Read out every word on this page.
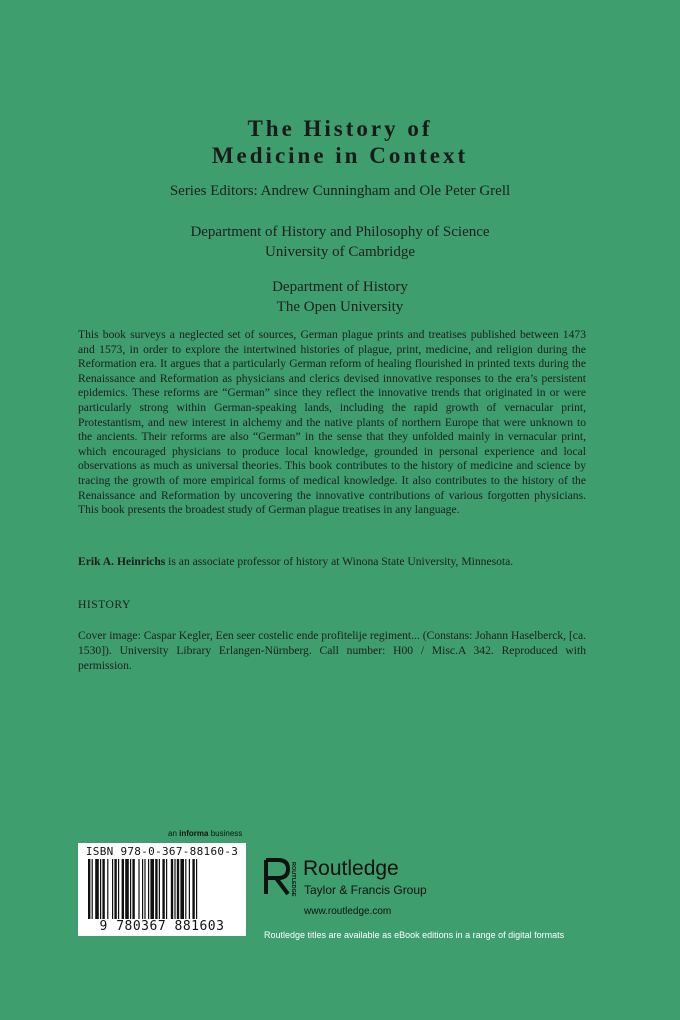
The History of
Medicine in Context
Series Editors: Andrew Cunningham and Ole Peter Grell
Department of History and Philosophy of Science
University of Cambridge
Department of History
The Open University
This book surveys a neglected set of sources, German plague prints and treatises published between 1473 and 1573, in order to explore the intertwined histories of plague, print, medicine, and religion during the Reformation era. It argues that a particularly German reform of healing flourished in printed texts during the Renaissance and Reformation as physicians and clerics devised innovative responses to the era’s persistent epidemics. These reforms are “German” since they reflect the innovative trends that originated in or were particularly strong within German-speaking lands, including the rapid growth of vernacular print, Protestantism, and new interest in alchemy and the native plants of northern Europe that were unknown to the ancients. Their reforms are also “German” in the sense that they unfolded mainly in vernacular print, which encouraged physicians to produce local knowledge, grounded in personal experience and local observations as much as universal theories. This book contributes to the history of medicine and science by tracing the growth of more empirical forms of medical knowledge. It also contributes to the history of the Renaissance and Reformation by uncovering the innovative contributions of various forgotten physicians. This book presents the broadest study of German plague treatises in any language.
Erik A. Heinrichs is an associate professor of history at Winona State University, Minnesota.
HISTORY
Cover image: Caspar Kegler, Een seer costelic ende profitelije regiment... (Constans: Johann Haselberck, [ca. 1530]). University Library Erlangen-Nürnberg. Call number: H00 / Misc.A 342. Reproduced with permission.
an informa business
ISBN 978-0-367-88160-3
9 780367 881603
ROUTLEDGE Routledge
Taylor & Francis Group
www.routledge.com
Routledge titles are available as eBook editions in a range of digital formats
